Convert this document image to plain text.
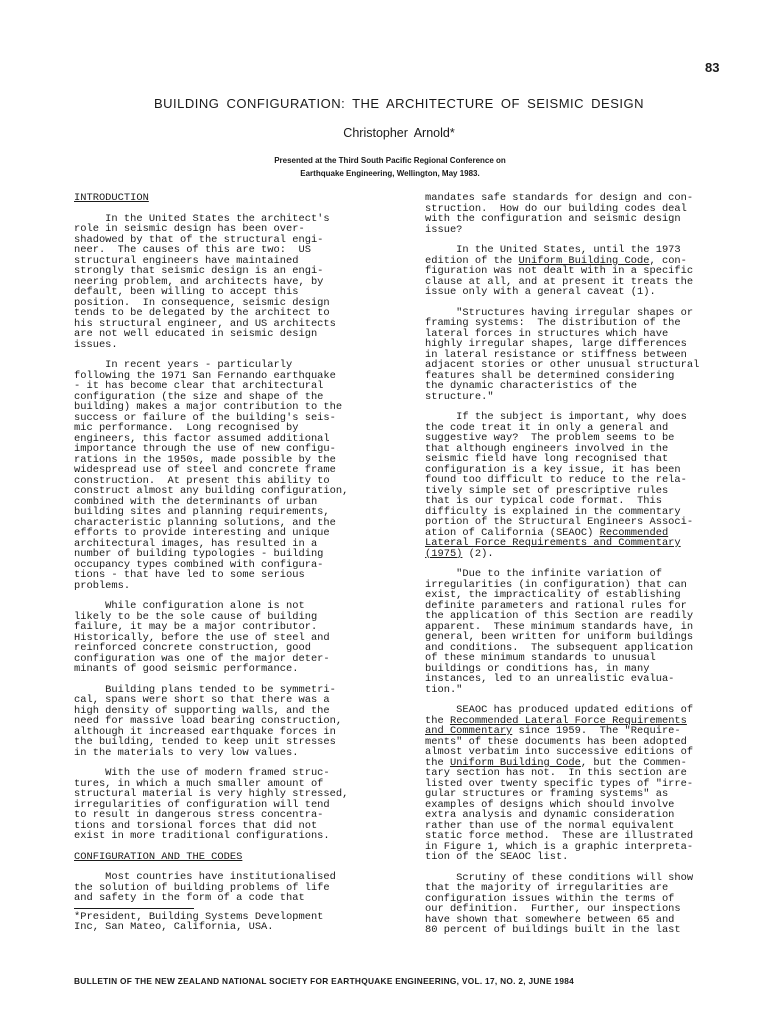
83
BUILDING CONFIGURATION: THE ARCHITECTURE OF SEISMIC DESIGN
Christopher Arnold*
Presented at the Third South Pacific Regional Conference on
Earthquake Engineering, Wellington, May 1983.

INTRODUCTION

In the United States the architect's
role in seismic design has been over-
shadowed by that of the structural engi-
neer.  The causes of this are two:  US
structural engineers have maintained
strongly that seismic design is an engi-
neering problem, and architects have, by
default, been willing to accept this
position.  In consequence, seismic design
tends to be delegated by the architect to
his structural engineer, and US architects
are not well educated in seismic design
issues.

In recent years - particularly
following the 1971 San Fernando earthquake
- it has become clear that architectural
configuration (the size and shape of the
building) makes a major contribution to the
success or failure of the building's seis-
mic performance.  Long recognised by
engineers, this factor assumed additional
importance through the use of new configu-
rations in the 1950s, made possible by the
widespread use of steel and concrete frame
construction.  At present this ability to
construct almost any building configuration,
combined with the determinants of urban
building sites and planning requirements,
characteristic planning solutions, and the
efforts to provide interesting and unique
architectural images, has resulted in a
number of building typologies - building
occupancy types combined with configura-
tions - that have led to some serious
problems.

While configuration alone is not
likely to be the sole cause of building
failure, it may be a major contributor.
Historically, before the use of steel and
reinforced concrete construction, good
configuration was one of the major deter-
minants of good seismic performance.

Building plans tended to be symmetri-
cal, spans were short so that there was a
high density of supporting walls, and the
need for massive load bearing construction,
although it increased earthquake forces in
the building, tended to keep unit stresses
in the materials to very low values.

With the use of modern framed struc-
tures, in which a much smaller amount of
structural material is very highly stressed,
irregularities of configuration will tend
to result in dangerous stress concentra-
tions and torsional forces that did not
exist in more traditional configurations.

CONFIGURATION AND THE CODES

Most countries have institutionalised
the solution of building problems of life
and safety in the form of a code that

*President, Building Systems Development
Inc, San Mateo, California, USA.

mandates safe standards for design and con-
struction.  How do our building codes deal
with the configuration and seismic design
issue?

In the United States, until the 1973
edition of the Uniform Building Code, con-
figuration was not dealt with in a specific
clause at all, and at present it treats the
issue only with a general caveat (1).

"Structures having irregular shapes or
framing systems:  The distribution of the
lateral forces in structures which have
highly irregular shapes, large differences
in lateral resistance or stiffness between
adjacent stories or other unusual structural
features shall be determined considering
the dynamic characteristics of the
structure."

If the subject is important, why does
the code treat it in only a general and
suggestive way?  The problem seems to be
that although engineers involved in the
seismic field have long recognised that
configuration is a key issue, it has been
found too difficult to reduce to the rela-
tively simple set of prescriptive rules
that is our typical code format.  This
difficulty is explained in the commentary
portion of the Structural Engineers Associ-
ation of California (SEAOC) Recommended
Lateral Force Requirements and Commentary
(1975) (2).

"Due to the infinite variation of
irregularities (in configuration) that can
exist, the impracticality of establishing
definite parameters and rational rules for
the application of this Section are readily
apparent.  These minimum standards have, in
general, been written for uniform buildings
and conditions.  The subsequent application
of these minimum standards to unusual
buildings or conditions has, in many
instances, led to an unrealistic evalua-
tion."

SEAOC has produced updated editions of
the Recommended Lateral Force Requirements
and Commentary since 1959.  The "Require-
ments" of these documents has been adopted
almost verbatim into successive editions of
the Uniform Building Code, but the Commen-
tary section has not.  In this section are
listed over twenty specific types of "irre-
gular structures or framing systems" as
examples of designs which should involve
extra analysis and dynamic consideration
rather than use of the normal equivalent
static force method.  These are illustrated
in Figure 1, which is a graphic interpreta-
tion of the SEAOC list.

Scrutiny of these conditions will show
that the majority of irregularities are
configuration issues within the terms of
our definition.  Further, our inspections
have shown that somewhere between 65 and
80 percent of buildings built in the last

BULLETIN OF THE NEW ZEALAND NATIONAL SOCIETY FOR EARTHQUAKE ENGINEERING, VOL. 17, NO. 2, JUNE 1984
